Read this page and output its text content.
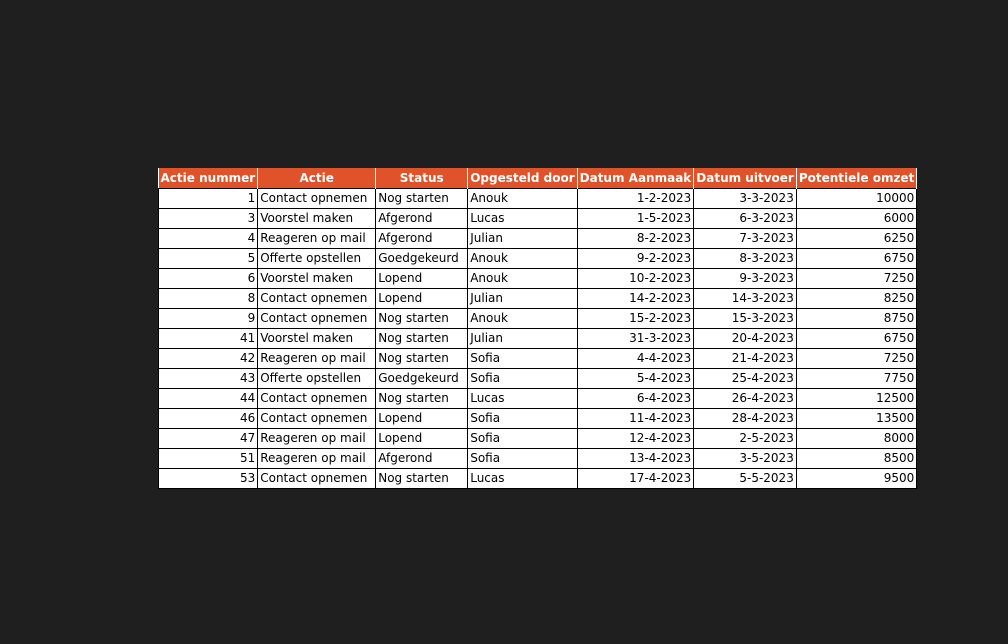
Actie nummer	Actie	Status	Opgesteld door	Datum Aanmaak	Datum uitvoer	Potentiele omzet
1	Contact opnemen	Nog starten	Anouk	1-2-2023	3-3-2023	10000
3	Voorstel maken	Afgerond	Lucas	1-5-2023	6-3-2023	6000
4	Reageren op mail	Afgerond	Julian	8-2-2023	7-3-2023	6250
5	Offerte opstellen	Goedgekeurd	Anouk	9-2-2023	8-3-2023	6750
6	Voorstel maken	Lopend	Anouk	10-2-2023	9-3-2023	7250
8	Contact opnemen	Lopend	Julian	14-2-2023	14-3-2023	8250
9	Contact opnemen	Nog starten	Anouk	15-2-2023	15-3-2023	8750
41	Voorstel maken	Nog starten	Julian	31-3-2023	20-4-2023	6750
42	Reageren op mail	Nog starten	Sofia	4-4-2023	21-4-2023	7250
43	Offerte opstellen	Goedgekeurd	Sofia	5-4-2023	25-4-2023	7750
44	Contact opnemen	Nog starten	Lucas	6-4-2023	26-4-2023	12500
46	Contact opnemen	Lopend	Sofia	11-4-2023	28-4-2023	13500
47	Reageren op mail	Lopend	Sofia	12-4-2023	2-5-2023	8000
51	Reageren op mail	Afgerond	Sofia	13-4-2023	3-5-2023	8500
53	Contact opnemen	Nog starten	Lucas	17-4-2023	5-5-2023	9500
